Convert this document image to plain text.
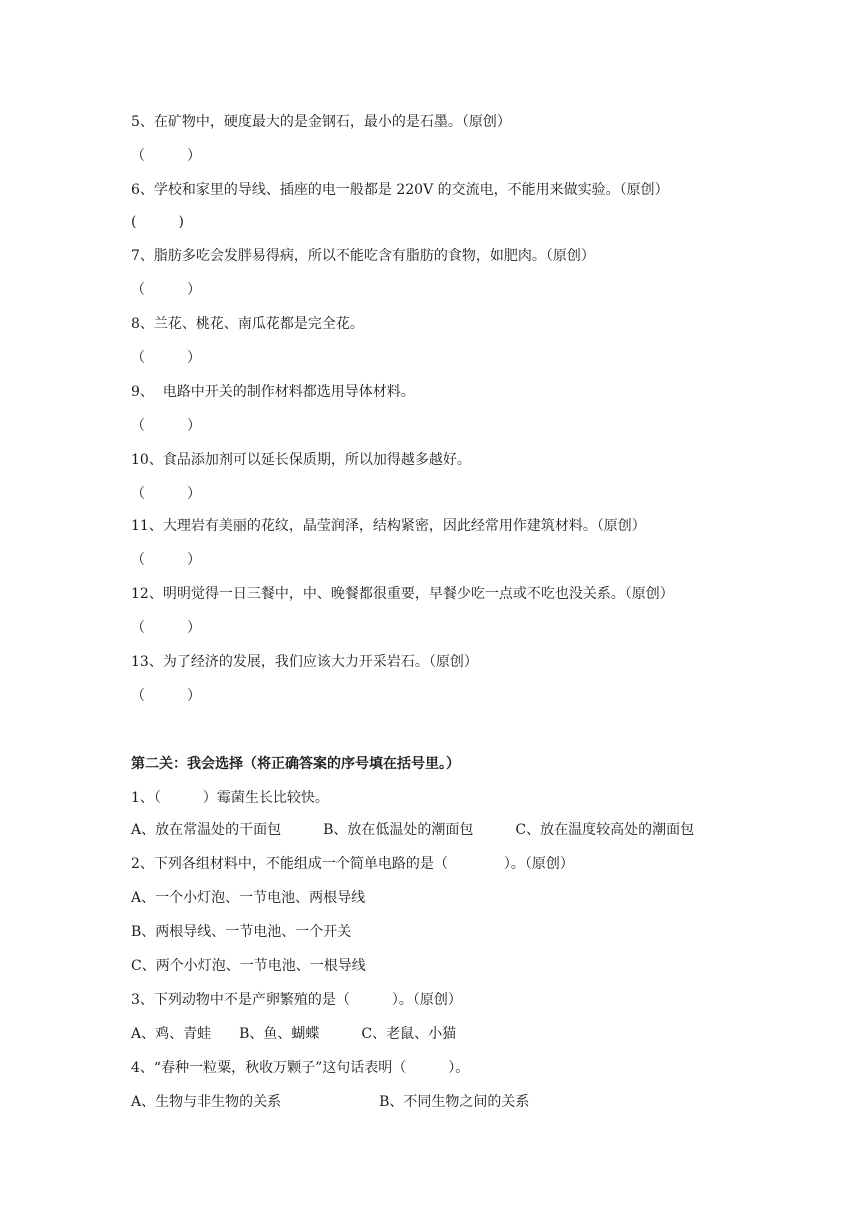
5、在矿物中，硬度最大的是金钢石，最小的是石墨。（原创）
（　　　）
6、学校和家里的导线、插座的电一般都是 220V 的交流电，不能用来做实验。（原创）
(　　　)
7、脂肪多吃会发胖易得病，所以不能吃含有脂肪的食物，如肥肉。（原创）
（　　　）
8、兰花、桃花、南瓜花都是完全花。
（　　　）
9、  电路中开关的制作材料都选用导体材料。
（　　　）
10、食品添加剂可以延长保质期，所以加得越多越好。
（　　　）
11、大理岩有美丽的花纹，晶莹润泽，结构紧密，因此经常用作建筑材料。（原创）
（　　　）
12、明明觉得一日三餐中，中、晚餐都很重要，早餐少吃一点或不吃也没关系。（原创）
（　　　）
13、为了经济的发展，我们应该大力开采岩石。（原创）
（　　　）
第二关：我会选择（将正确答案的序号填在括号里。）
1、（　　　）霉菌生长比较快。
A、放在常温处的干面包　　　B、放在低温处的潮面包　　　C、放在温度较高处的潮面包
2、下列各组材料中，不能组成一个简单电路的是（　　　　）。（原创）
A、一个小灯泡、一节电池、两根导线
B、两根导线、一节电池、一个开关
C、两个小灯泡、一节电池、一根导线
3、下列动物中不是产卵繁殖的是（　　　）。（原创）
A、鸡、青蛙　　B、鱼、蝴蝶　　　C、老鼠、小猫
4、“春种一粒粟，秋收万颗子”这句话表明（　　　）。
A、生物与非生物的关系　　　　　　　B、不同生物之间的关系
